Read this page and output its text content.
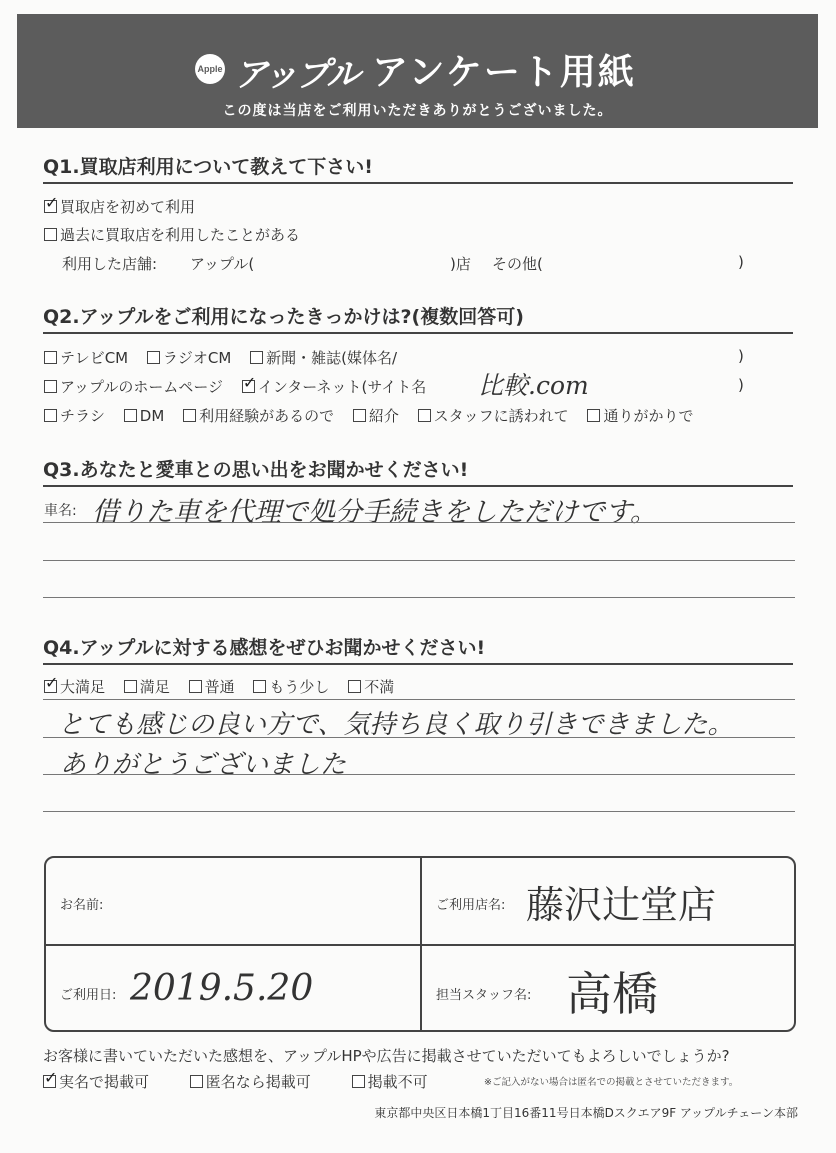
Apple アップル アンケート用紙
この度は当店をご利用いただきありがとうございました。
Q1.買取店利用について教えて下さい!
✓買取店を初めて利用
過去に買取店を利用したことがある
利用した店舗: アップル(	)店 その他(	)
Q2.アップルをご利用になったきっかけは?(複数回答可)
テレビCM ラジオCM 新聞・雑誌(媒体名/	)
アップルのホームページ ✓ インターネット(サイト名	比較.com	)
チラシ DM 利用経験があるので 紹介 スタッフに誘われて 通りがかりで
Q3.あなたと愛車との思い出をお聞かせください!
車名: 借りた車を代理で処分手続きをしただけです。
Q4.アップルに対する感想をぜひお聞かせください!
✓大満足 満足 普通 もう少し 不満
とても感じの良い方で、気持ち良く取り引きできました。
ありがとうございました
お名前:	ご利用店名: 藤沢辻堂店
ご利用日: 2019.5.20	担当スタッフ名: 高橋
お客様に書いていただいた感想を、アップルHPや広告に掲載させていただいてもよろしいでしょうか?
✓実名で掲載可	匿名なら掲載可	掲載不可	※ご記入がない場合は匿名での掲載とさせていただきます。
東京都中央区日本橋1丁目16番11号日本橋Dスクエア9F アップルチェーン本部
